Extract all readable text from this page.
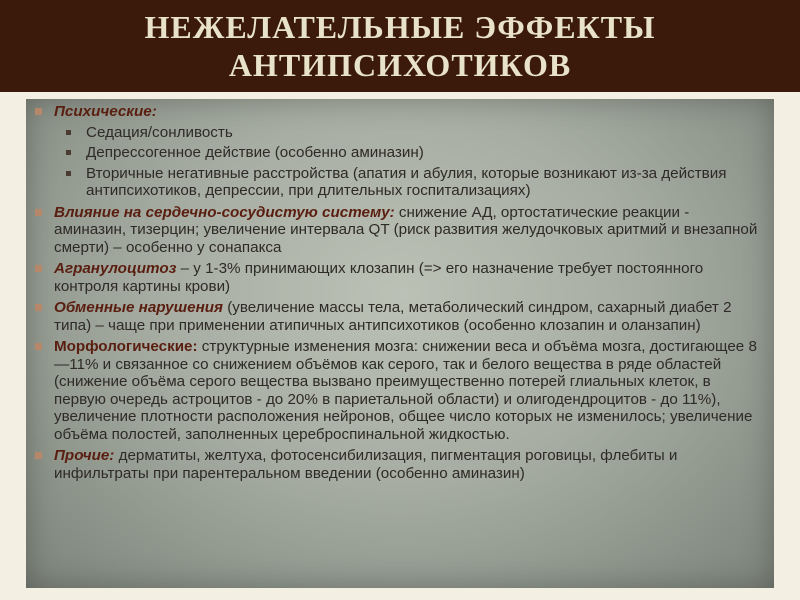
НЕЖЕЛАТЕЛЬНЫЕ ЭФФЕКТЫ
АНТИПСИХОТИКОВ
Психические:
Седация/сонливость
Депрессогенное действие (особенно аминазин)
Вторичные негативные расстройства (апатия и абулия, которые возникают из-за действия антипсихотиков, депрессии, при длительных госпитализациях)
Влияние на сердечно-сосудистую систему: снижение АД, ортостатические реакции - аминазин, тизерцин; увеличение интервала QT (риск развития желудочковых аритмий и внезапной смерти) – особенно у сонапакса
Агранулоцитоз – у 1-3% принимающих клозапин (=> его назначение требует постоянного контроля картины крови)
Обменные нарушения (увеличение массы тела, метаболический синдром, сахарный диабет 2 типа) – чаще при применении атипичных антипсихотиков (особенно клозапин и оланзапин)
Морфологические: структурные изменения мозга: снижении веса и объёма мозга, достигающее 8—11% и связанное со снижением объёмов как серого, так и белого вещества в ряде областей (снижение объёма серого вещества вызвано преимущественно потерей глиальных клеток, в первую очередь астроцитов - до 20% в париетальной области) и олигодендроцитов - до 11%), увеличение плотности расположения нейронов, общее число которых не изменилось; увеличение объёма полостей, заполненных цереброспинальной жидкостью.
Прочие: дерматиты, желтуха, фотосенсибилизация, пигментация роговицы, флебиты и инфильтраты при парентеральном введении (особенно аминазин)
